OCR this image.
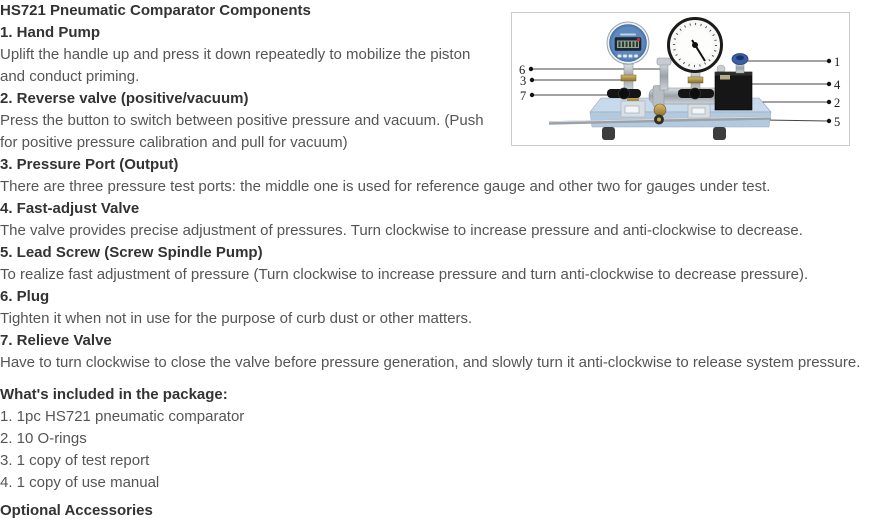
6
3
7
1
4
2
5
HS721 Pneumatic Comparator Components
1. Hand Pump
Uplift the handle up and press it down repeatedly to mobilize the piston and conduct priming.
2. Reverse valve (positive/vacuum)
Press the button to switch between positive pressure and vacuum. (Push for positive pressure calibration and pull for vacuum)
3. Pressure Port (Output)
There are three pressure test ports: the middle one is used for reference gauge and other two for gauges under test.
4. Fast-adjust Valve
The valve provides precise adjustment of pressures. Turn clockwise to increase pressure and anti-clockwise to decrease.
5. Lead Screw (Screw Spindle Pump)
To realize fast adjustment of pressure (Turn clockwise to increase pressure and turn anti-clockwise to decrease pressure).
6. Plug
Tighten it when not in use for the purpose of curb dust or other matters.
7. Relieve Valve
Have to turn clockwise to close the valve before pressure generation, and slowly turn it anti-clockwise to release system pressure.
What's included in the package:
1. 1pc HS721 pneumatic comparator
2. 10 O-rings
3. 1 copy of test report
4. 1 copy of use manual
Optional Accessories
